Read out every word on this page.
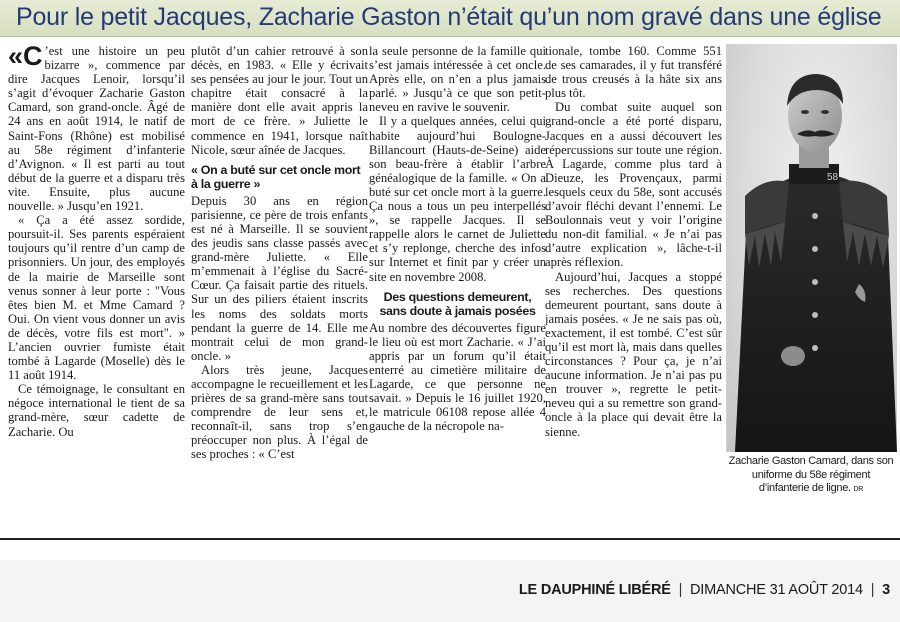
Pour le petit Jacques, Zacharie Gaston n’était qu’un nom gravé dans une église

«C ’est une histoire un peu bizarre », commence par dire Jacques Lenoir, lorsqu’il s’agit d’évoquer Zacharie Gaston Camard, son grand-oncle. Âgé de 24 ans en août 1914, le natif de Saint-Fons (Rhône) est mobilisé au 58e régiment d’infanterie d’Avignon. « Il est parti au tout début de la guerre et a disparu très vite. Ensuite, plus aucune nouvelle. » Jusqu’en 1921.

« Ça a été assez sordide, poursuit-il. Ses parents espéraient toujours qu’il rentre d’un camp de prisonniers. Un jour, des employés de la mairie de Marseille sont venus sonner à leur porte : "Vous êtes bien M. et Mme Camard ? Oui. On vient vous donner un avis de décès, votre fils est mort". » L’ancien ouvrier fumiste était tombé à Lagarde (Moselle) dès le 11 août 1914.

Ce témoignage, le consultant en négoce international le tient de sa grand-mère, sœur cadette de Zacharie. Ou

plutôt d’un cahier retrouvé à son décès, en 1983. « Elle y écrivait ses pensées au jour le jour. Tout un chapitre était consacré à la manière dont elle avait appris la mort de ce frère. » Juliette le commence en 1941, lorsque naît Nicole, sœur aînée de Jacques.

« On a buté sur cet oncle mort à la guerre »

Depuis 30 ans en région parisienne, ce père de trois enfants est né à Marseille. Il se souvient des jeudis sans classe passés avec grand-mère Juliette. « Elle m’emmenait à l’église du Sacré-Cœur. Ça faisait partie des rituels. Sur un des piliers étaient inscrits les noms des soldats morts pendant la guerre de 14. Elle me montrait celui de mon grand-oncle. »

Alors très jeune, Jacques accompagne le recueillement et les prières de sa grand-mère sans tout comprendre de leur sens et, reconnaît-il, sans trop s’en préoccuper non plus. À l’égal de ses proches : « C’est

la seule personne de la famille qui s’est jamais intéressée à cet oncle. Après elle, on n’en a plus jamais parlé. » Jusqu’à ce que son petit-neveu en ravive le souvenir.

Il y a quelques années, celui qui habite aujourd’hui Boulogne-Billancourt (Hauts-de-Seine) aide son beau-frère à établir l’arbre généalogique de la famille. « On a buté sur cet oncle mort à la guerre. Ça nous a tous un peu interpellés », se rappelle Jacques. Il se rappelle alors le carnet de Juliette et s’y replonge, cherche des infos sur Internet et finit par y créer un site en novembre 2008.

Des questions demeurent, sans doute à jamais posées

Au nombre des découvertes figure le lieu où est mort Zacharie. « J’ai appris par un forum qu’il était enterré au cimetière militaire de Lagarde, ce que personne ne savait. » Depuis le 16 juillet 1920, le matricule 06108 repose allée 4 gauche de la nécropole na-

tionale, tombe 160. Comme 551 de ses camarades, il y fut transféré de trous creusés à la hâte six ans plus tôt.

Du combat suite auquel son grand-oncle a été porté disparu, Jacques en a aussi découvert les répercussions sur toute une région. À Lagarde, comme plus tard à Dieuze, les Provençaux, parmi lesquels ceux du 58e, sont accusés d’avoir fléchi devant l’ennemi. Le Boulonnais veut y voir l’origine du non-dit familial. « Je n’ai pas d’autre explication », lâche-t-il après réflexion.

Aujourd’hui, Jacques a stoppé ses recherches. Des questions demeurent pourtant, sans doute à jamais posées. « Je ne sais pas où, exactement, il est tombé. C’est sûr qu’il est mort là, mais dans quelles circonstances ? Pour ça, je n’ai aucune information. Je n’ai pas pu en trouver », regrette le petit-neveu qui a su remettre son grand-oncle à la place qui devait être la sienne.

58
Zacharie Gaston Camard, dans son uniforme du 58e régiment d’infanterie de ligne. DR
LE DAUPHINÉ LIBÉRÉ | DIMANCHE 31 AOÛT 2014 | 3
